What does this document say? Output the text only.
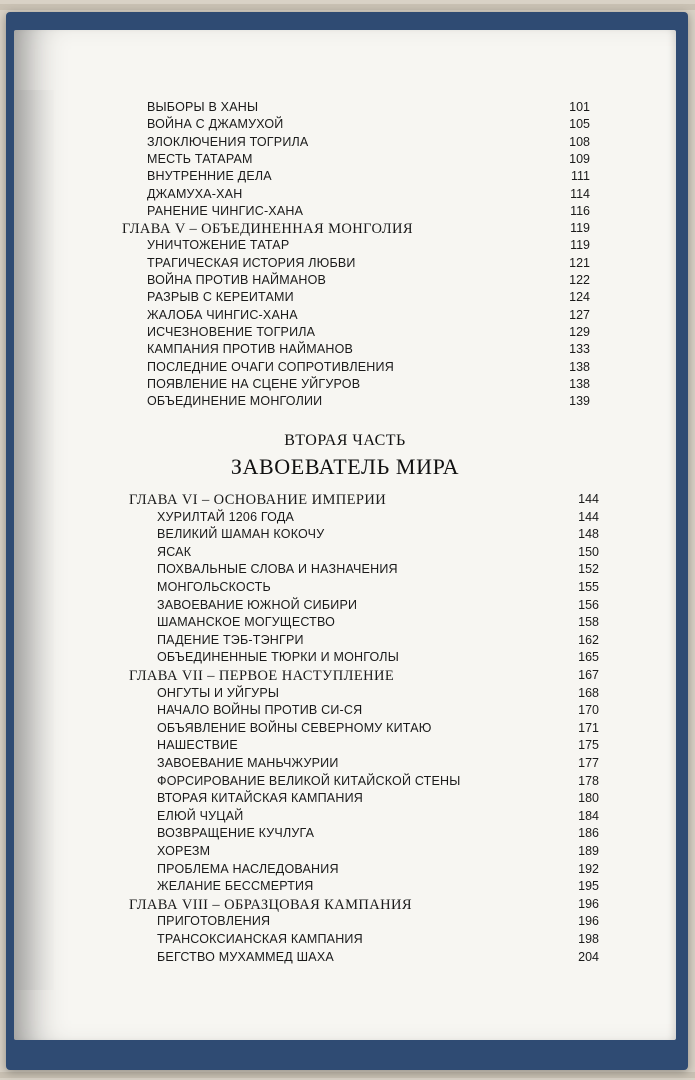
ВТОРАЯ ЧАСТЬ
ЗАВОЕВАТЕЛЬ МИРА
ВЫБОРЫ В ХАНЫ	101
ВОЙНА С ДЖАМУХОЙ	105
ЗЛОКЛЮЧЕНИЯ ТОГРИЛА	108
МЕСТЬ ТАТАРАМ	109
ВНУТРЕННИЕ ДЕЛА	111
ДЖАМУХА-ХАН	114
РАНЕНИЕ ЧИНГИС-ХАНА	116
ГЛАВА V – ОБЪЕДИНЕННАЯ МОНГОЛИЯ	119
УНИЧТОЖЕНИЕ ТАТАР	119
ТРАГИЧЕСКАЯ ИСТОРИЯ ЛЮБВИ	121
ВОЙНА ПРОТИВ НАЙМАНОВ	122
РАЗРЫВ С КЕРЕИТАМИ	124
ЖАЛОБА ЧИНГИС-ХАНА	127
ИСЧЕЗНОВЕНИЕ ТОГРИЛА	129
КАМПАНИЯ ПРОТИВ НАЙМАНОВ	133
ПОСЛЕДНИЕ ОЧАГИ СОПРОТИВЛЕНИЯ	138
ПОЯВЛЕНИЕ НА СЦЕНЕ УЙГУРОВ	138
ОБЪЕДИНЕНИЕ МОНГОЛИИ	139
ГЛАВА VI – ОСНОВАНИЕ ИМПЕРИИ	144
ХУРИЛТАЙ 1206 ГОДА	144
ВЕЛИКИЙ ШАМАН КОКОЧУ	148
ЯСАК	150
ПОХВАЛЬНЫЕ СЛОВА И НАЗНАЧЕНИЯ	152
МОНГОЛЬСКОСТЬ	155
ЗАВОЕВАНИЕ ЮЖНОЙ СИБИРИ	156
ШАМАНСКОЕ МОГУЩЕСТВО	158
ПАДЕНИЕ ТЭБ-ТЭНГРИ	162
ОБЪЕДИНЕННЫЕ ТЮРКИ И МОНГОЛЫ	165
ГЛАВА VII – ПЕРВОЕ НАСТУПЛЕНИЕ	167
ОНГУТЫ И УЙГУРЫ	168
НАЧАЛО ВОЙНЫ ПРОТИВ СИ-СЯ	170
ОБЪЯВЛЕНИЕ ВОЙНЫ СЕВЕРНОМУ КИТАЮ	171
НАШЕСТВИЕ	175
ЗАВОЕВАНИЕ МАНЬЧЖУРИИ	177
ФОРСИРОВАНИЕ ВЕЛИКОЙ КИТАЙСКОЙ СТЕНЫ	178
ВТОРАЯ КИТАЙСКАЯ КАМПАНИЯ	180
ЕЛЮЙ ЧУЦАЙ	184
ВОЗВРАЩЕНИЕ КУЧЛУГА	186
ХОРЕЗМ	189
ПРОБЛЕМА НАСЛЕДОВАНИЯ	192
ЖЕЛАНИЕ БЕССМЕРТИЯ	195
ГЛАВА VIII – ОБРАЗЦОВАЯ КАМПАНИЯ	196
ПРИГОТОВЛЕНИЯ	196
ТРАНСОКСИАНСКАЯ КАМПАНИЯ	198
БЕГСТВО МУХАММЕД ШАХА	204
